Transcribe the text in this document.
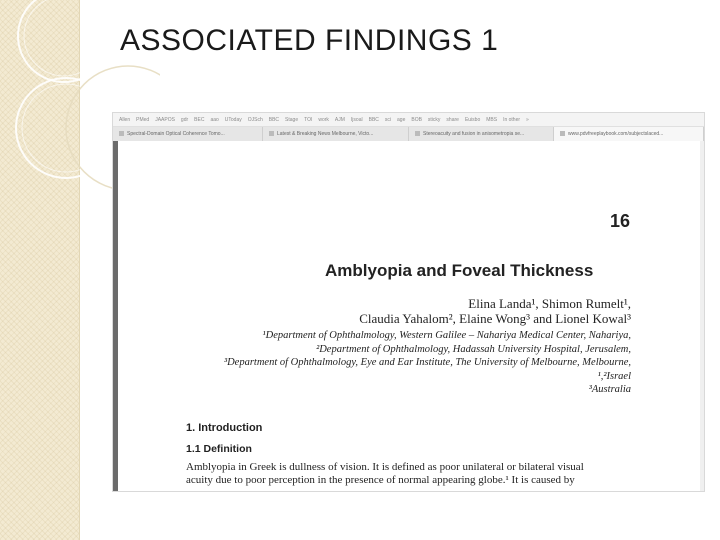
ASSOCIATED FINDINGS 1
Allen PMed JAAPOS gdr BEC aao UToday OJSch BBC Stage TOI work AJM Ijsoal BBC sci age BOB sticky share Euisbo MBS In other »
Spectral-Domain Optical Coherence Tomo...	Latest & Breaking News Melbourne, Victo...	Stereoacuity and fusion in anisometropia se...	www.pdvfreeplaybook.com/subjectslaced...
16
Amblyopia and Foveal Thickness
Elina Landa¹, Shimon Rumelt¹,
Claudia Yahalom², Elaine Wong³ and Lionel Kowal³
¹Department of Ophthalmology, Western Galilee – Nahariya Medical Center, Nahariya,
²Department of Ophthalmology, Hadassah University Hospital, Jerusalem,
³Department of Ophthalmology, Eye and Ear Institute, The University of Melbourne, Melbourne,
¹,²Israel
³Australia
1. Introduction
1.1 Definition
Amblyopia in Greek is dullness of vision. It is defined as poor unilateral or bilateral visual
acuity due to poor perception in the presence of normal appearing globe.¹ It is caused by
